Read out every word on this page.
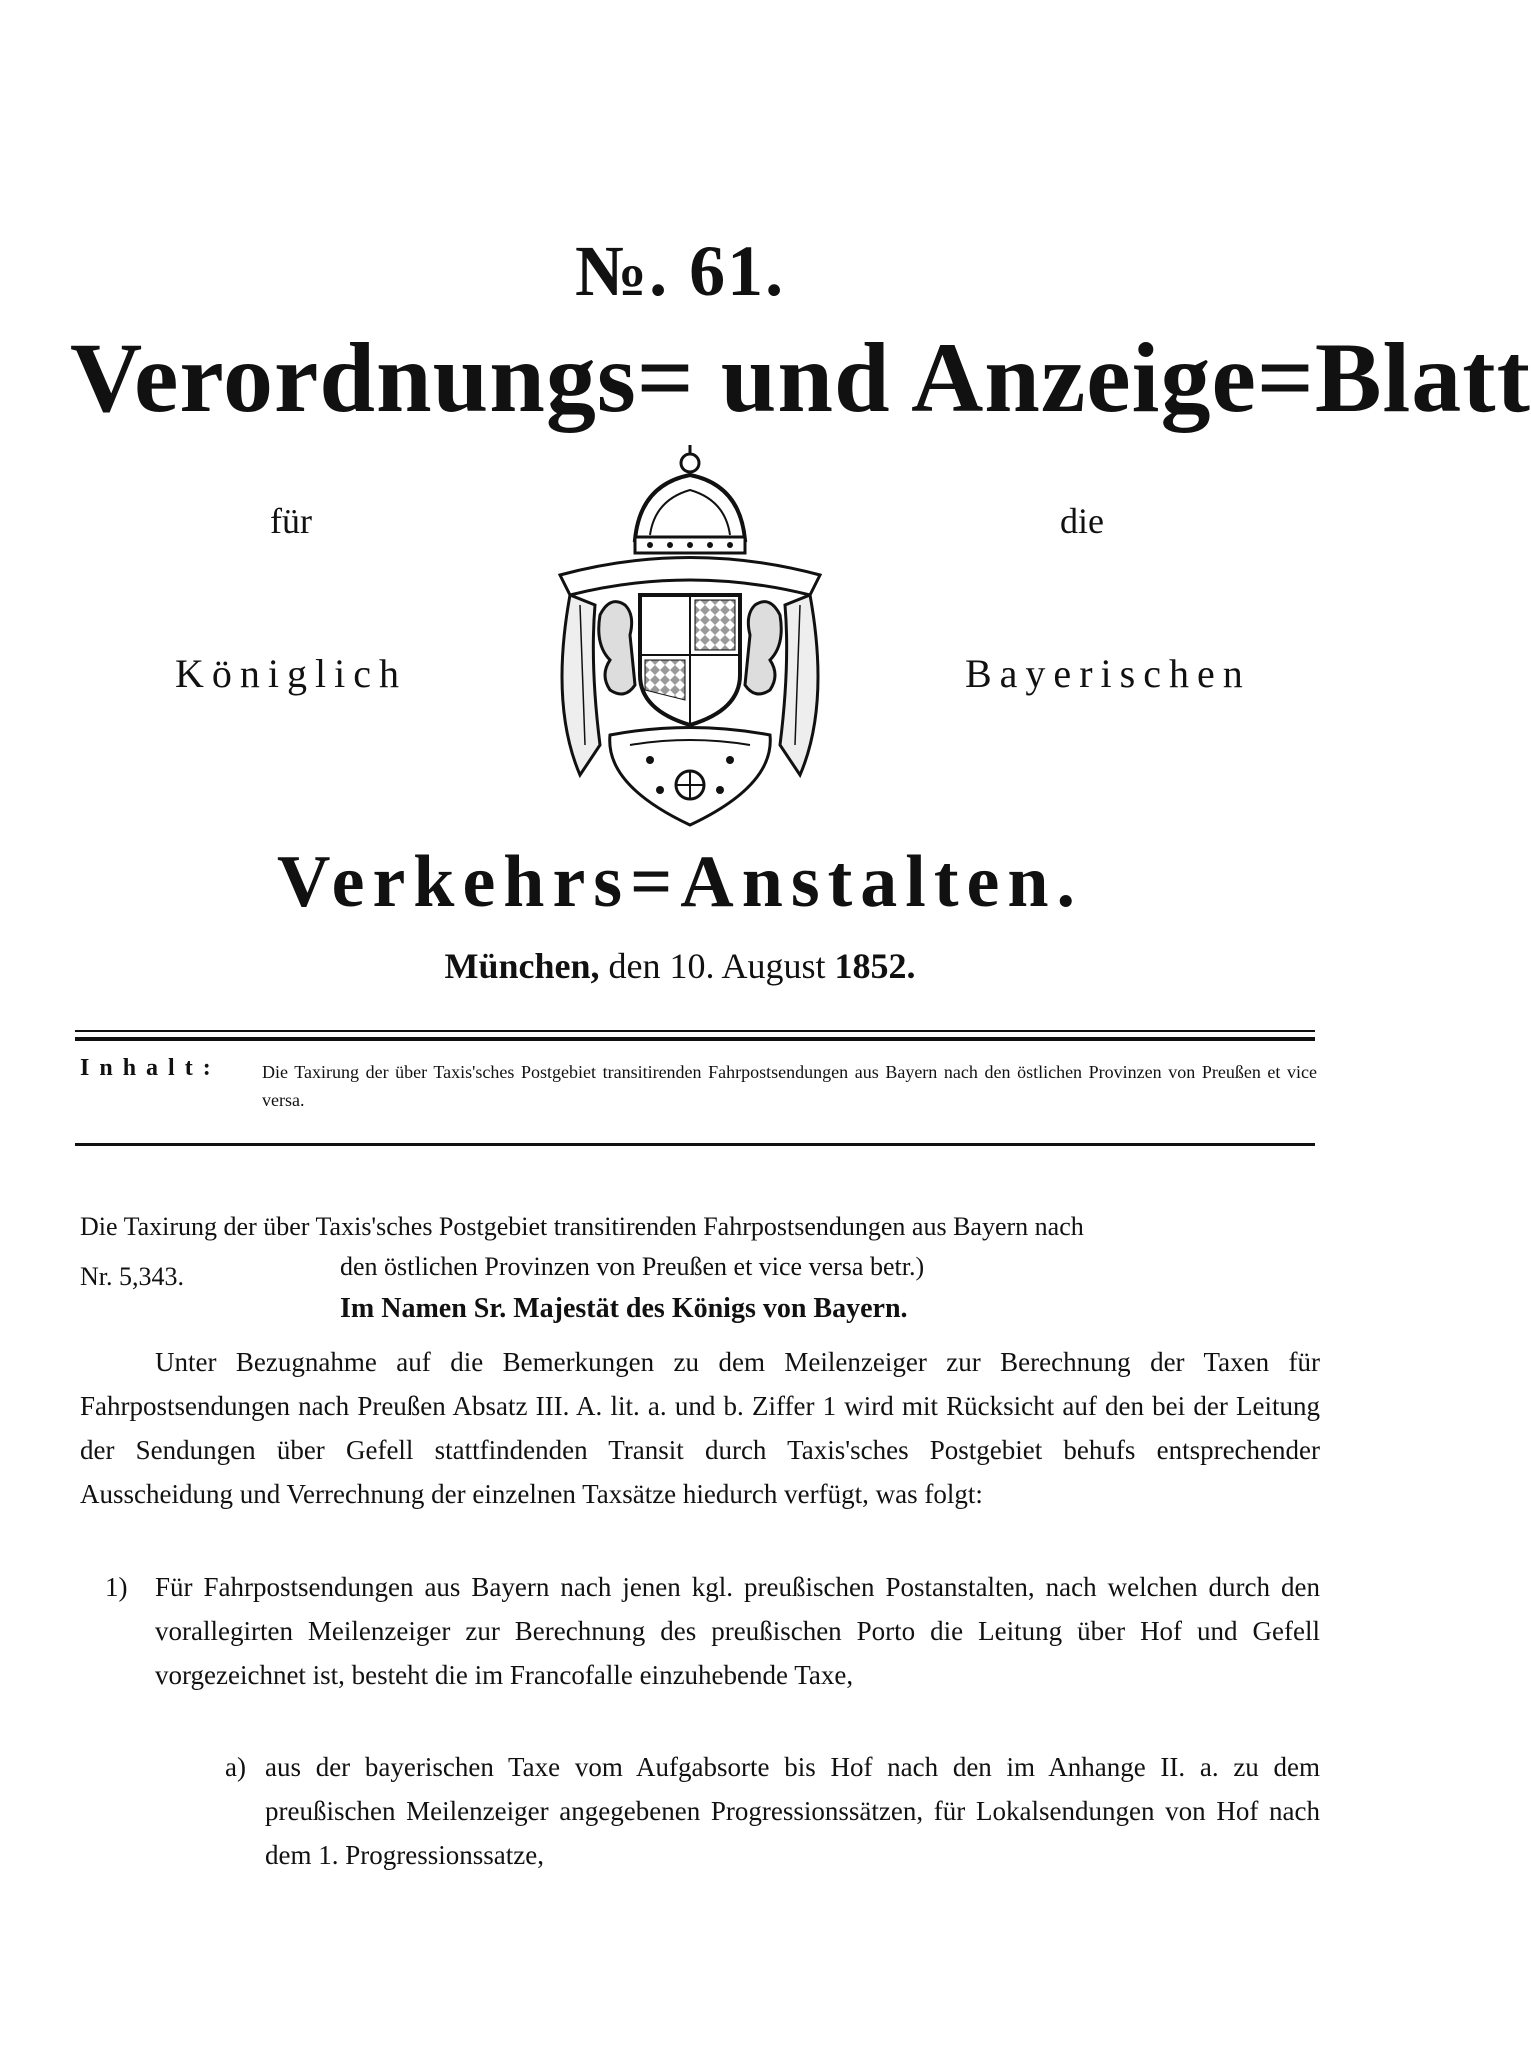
№. 61.
Verordnungs= und Anzeige=Blatt
für	die
Königlich	Bayerischen
Verkehrs=Anstalten.
München, den 10. August 1852.
Inhalt: Die Taxirung der über Taxis'sches Postgebiet transitirenden Fahrpostsendungen aus Bayern nach den östlichen Provinzen von Preußen et vice versa.
Die Taxirung der über Taxis'sches Postgebiet transitirenden Fahrpostsendungen aus Bayern nach
Nr. 5,343.	den östlichen Provinzen von Preußen et vice versa betr.)
Im Namen Sr. Majestät des Königs von Bayern.
Unter Bezugnahme auf die Bemerkungen zu dem Meilenzeiger zur Berechnung der Taxen für Fahrpostsendungen nach Preußen Absatz III. A. lit. a. und b. Ziffer 1 wird mit Rücksicht auf den bei der Leitung der Sendungen über Gefell stattfindenden Transit durch Taxis'sches Postgebiet behufs entsprechender Ausscheidung und Verrechnung der einzelnen Taxsätze hiedurch verfügt, was folgt:
1) Für Fahrpostsendungen aus Bayern nach jenen kgl. preußischen Postanstalten, nach welchen durch den vorallegirten Meilenzeiger zur Berechnung des preußischen Porto die Leitung über Hof und Gefell vorgezeichnet ist, besteht die im Francofalle einzuhebende Taxe,
a) aus der bayerischen Taxe vom Aufgabsorte bis Hof nach den im Anhange II. a. zu dem preußischen Meilenzeiger angegebenen Progressionssätzen, für Lokalsendungen von Hof nach dem 1. Progressionssatze,
